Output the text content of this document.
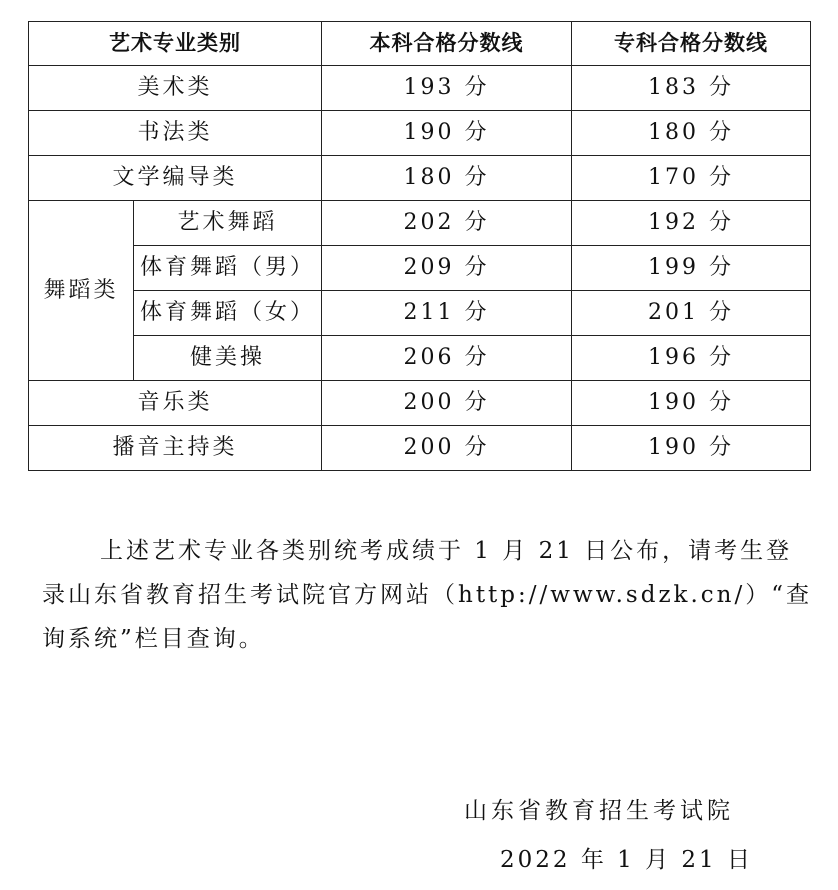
艺术专业类别		本科合格分数线	专科合格分数线
美术类		193 分	183 分
书法类		190 分	180 分
文学编导类		180 分	170 分
舞蹈类	艺术舞蹈	202 分	192 分
	体育舞蹈（男）	209 分	199 分
	体育舞蹈（女）	211 分	201 分
	健美操	206 分	196 分
音乐类		200 分	190 分
播音主持类		200 分	190 分

上述艺术专业各类别统考成绩于 1 月 21 日公布，请考生登录山东省教育招生考试院官方网站（http://www.sdzk.cn/）“查询系统”栏目查询。

山东省教育招生考试院

2022 年 1 月 21 日
